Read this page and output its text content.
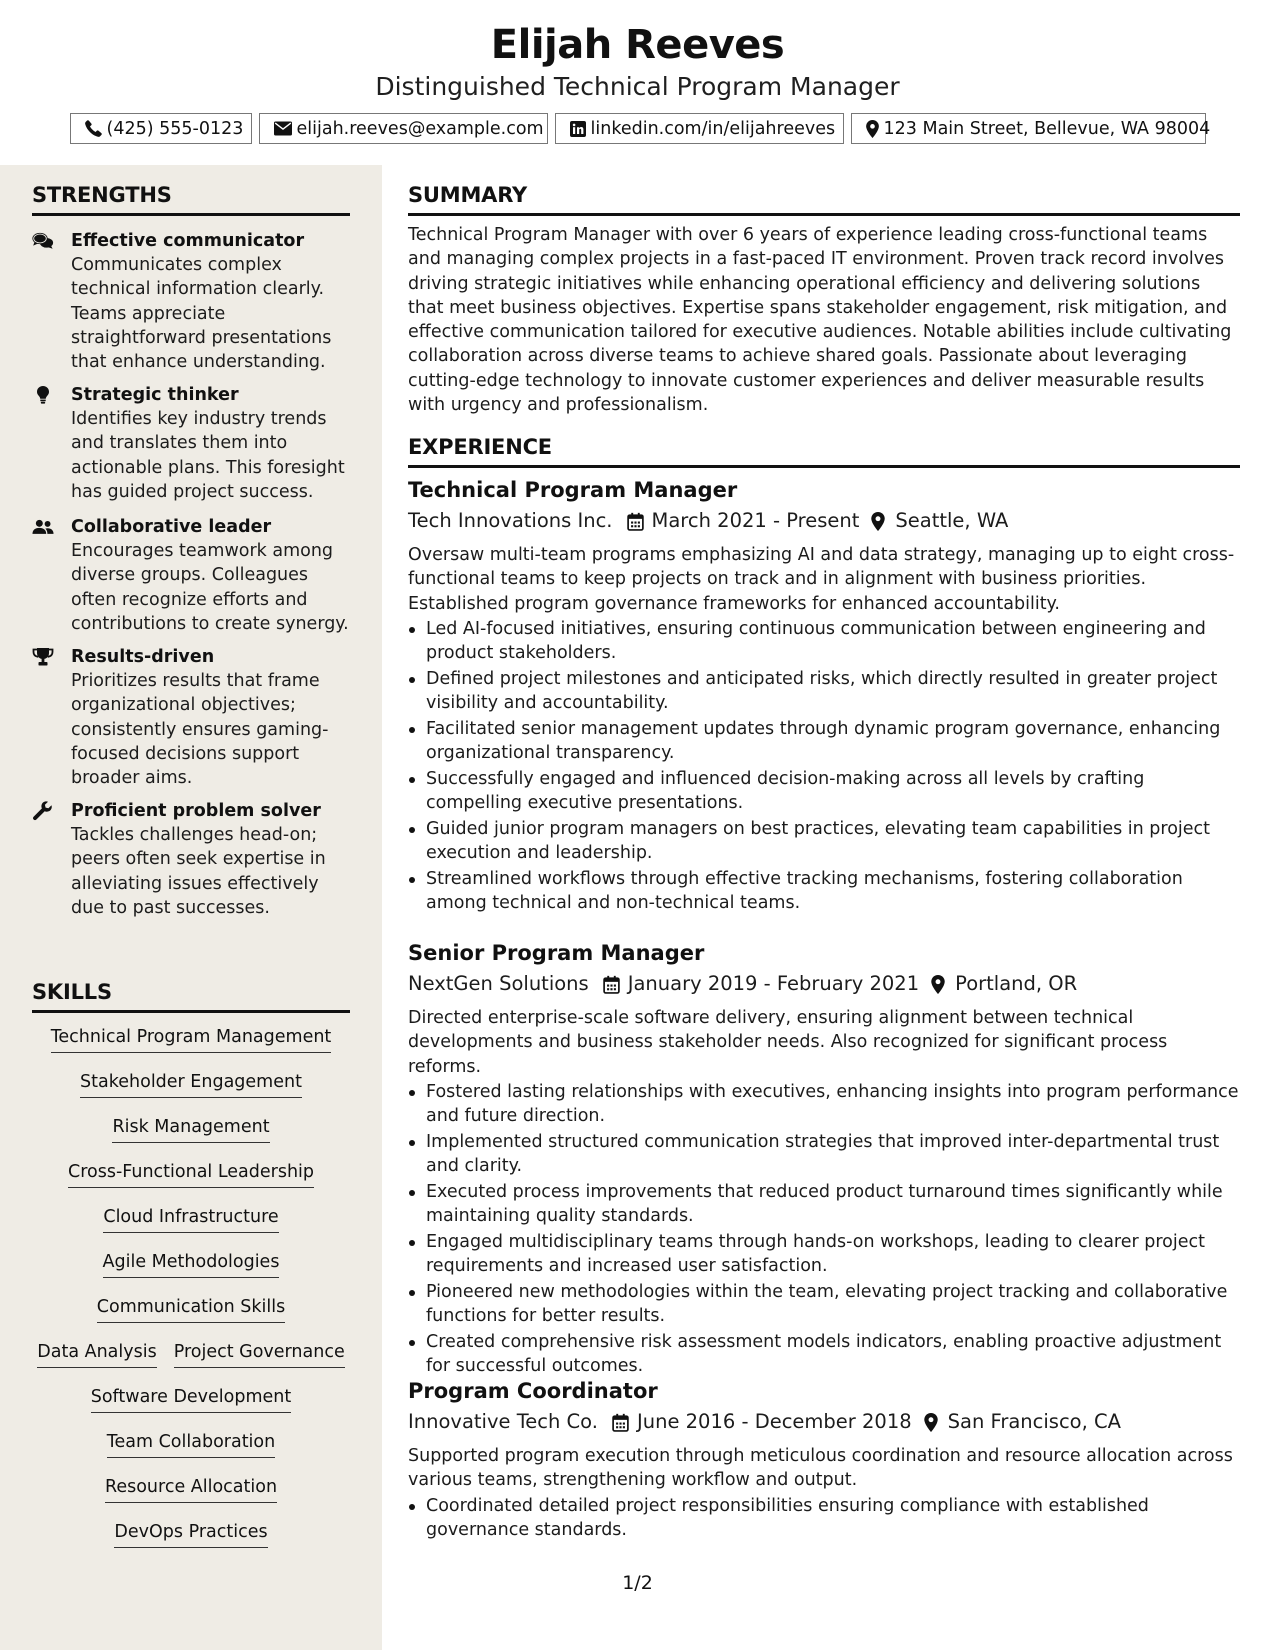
Elijah Reeves
Distinguished Technical Program Manager
(425) 555-0123	elijah.reeves@example.com	linkedin.com/in/elijahreeves	123 Main Street, Bellevue, WA 98004
STRENGTHS
Effective communicator
Communicates complex technical information clearly. Teams appreciate straightforward presentations that enhance understanding.
Strategic thinker
Identifies key industry trends and translates them into actionable plans. This foresight has guided project success.
Collaborative leader
Encourages teamwork among diverse groups. Colleagues often recognize efforts and contributions to create synergy.
Results-driven
Prioritizes results that frame organizational objectives; consistently ensures gaming-focused decisions support broader aims.
Proficient problem solver
Tackles challenges head-on; peers often seek expertise in alleviating issues effectively due to past successes.
SKILLS
Technical Program Management
Stakeholder Engagement
Risk Management
Cross-Functional Leadership
Cloud Infrastructure
Agile Methodologies
Communication Skills
Data Analysis Project Governance
Software Development
Team Collaboration
Resource Allocation
DevOps Practices
SUMMARY
Technical Program Manager with over 6 years of experience leading cross-functional teams and managing complex projects in a fast-paced IT environment. Proven track record involves driving strategic initiatives while enhancing operational efficiency and delivering solutions that meet business objectives. Expertise spans stakeholder engagement, risk mitigation, and effective communication tailored for executive audiences. Notable abilities include cultivating collaboration across diverse teams to achieve shared goals. Passionate about leveraging cutting-edge technology to innovate customer experiences and deliver measurable results with urgency and professionalism.
EXPERIENCE
Technical Program Manager
Tech Innovations Inc. March 2021 - Present Seattle, WA
Oversaw multi-team programs emphasizing AI and data strategy, managing up to eight cross-functional teams to keep projects on track and in alignment with business priorities. Established program governance frameworks for enhanced accountability.
Led AI-focused initiatives, ensuring continuous communication between engineering and product stakeholders.
Defined project milestones and anticipated risks, which directly resulted in greater project visibility and accountability.
Facilitated senior management updates through dynamic program governance, enhancing organizational transparency.
Successfully engaged and influenced decision-making across all levels by crafting compelling executive presentations.
Guided junior program managers on best practices, elevating team capabilities in project execution and leadership.
Streamlined workflows through effective tracking mechanisms, fostering collaboration among technical and non-technical teams.
Senior Program Manager
NextGen Solutions January 2019 - February 2021 Portland, OR
Directed enterprise-scale software delivery, ensuring alignment between technical developments and business stakeholder needs. Also recognized for significant process reforms.
Fostered lasting relationships with executives, enhancing insights into program performance and future direction.
Implemented structured communication strategies that improved inter-departmental trust and clarity.
Executed process improvements that reduced product turnaround times significantly while maintaining quality standards.
Engaged multidisciplinary teams through hands-on workshops, leading to clearer project requirements and increased user satisfaction.
Pioneered new methodologies within the team, elevating project tracking and collaborative functions for better results.
Created comprehensive risk assessment models indicators, enabling proactive adjustment for successful outcomes.
Program Coordinator
Innovative Tech Co. June 2016 - December 2018 San Francisco, CA
Supported program execution through meticulous coordination and resource allocation across various teams, strengthening workflow and output.
Coordinated detailed project responsibilities ensuring compliance with established governance standards.
1/2
